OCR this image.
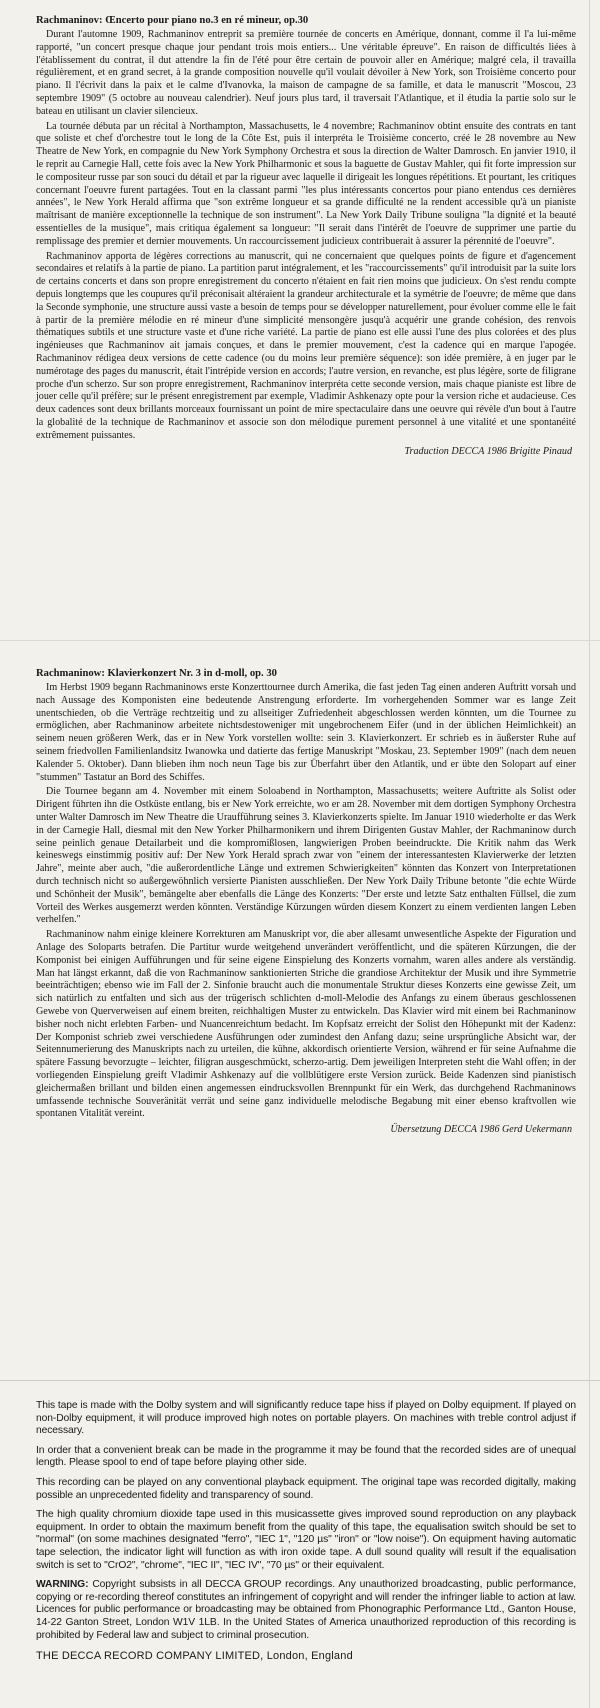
Rachmaninov: Œncerto pour piano no.3 en ré mineur, op.30

Durant l'automne 1909, Rachmaninov entreprit sa première tournée de concerts en Amérique, donnant, comme il l'a lui-même rapporté, "un concert presque chaque jour pendant trois mois entiers... Une véritable épreuve". En raison de difficultés liées à l'établissement du contrat, il dut attendre la fin de l'été pour être certain de pouvoir aller en Amérique; malgré cela, il travailla régulièrement, et en grand secret, à la grande composition nouvelle qu'il voulait dévoiler à New York, son Troisième concerto pour piano. Il l'écrivit dans la paix et le calme d'Ivanovka, la maison de campagne de sa famille, et data le manuscrit "Moscou, 23 septembre 1909" (5 octobre au nouveau calendrier). Neuf jours plus tard, il traversait l'Atlantique, et il étudia la partie solo sur le bateau en utilisant un clavier silencieux.

La tournée débuta par un récital à Northampton, Massachusetts, le 4 novembre; Rachmaninov obtint ensuite des contrats en tant que soliste et chef d'orchestre tout le long de la Côte Est, puis il interpréta le Troisième concerto, créé le 28 novembre au New Theatre de New York, en compagnie du New York Symphony Orchestra et sous la direction de Walter Damrosch. En janvier 1910, il le reprit au Carnegie Hall, cette fois avec la New York Philharmonic et sous la baguette de Gustav Mahler, qui fit forte impression sur le compositeur russe par son souci du détail et par la rigueur avec laquelle il dirigeait les longues répétitions. Et pourtant, les critiques concernant l'oeuvre furent partagées. Tout en la classant parmi "les plus intéressants concertos pour piano entendus ces dernières années", le New York Herald affirma que "son extrême longueur et sa grande difficulté ne la rendent accessible qu'à un pianiste maîtrisant de manière exceptionnelle la technique de son instrument". La New York Daily Tribune souligna "la dignité et la beauté essentielles de la musique", mais critiqua également sa longueur: "Il serait dans l'intérêt de l'oeuvre de supprimer une partie du remplissage des premier et dernier mouvements. Un raccourcissement judicieux contribuerait à assurer la pérennité de l'oeuvre".

Rachmaninov apporta de légères corrections au manuscrit, qui ne concernaient que quelques points de figure et d'agencement secondaires et relatifs à la partie de piano. La partition parut intégralement, et les "raccourcissements" qu'il introduisit par la suite lors de certains concerts et dans son propre enregistrement du concerto n'étaient en fait rien moins que judicieux. On s'est rendu compte depuis longtemps que les coupures qu'il préconisait altéraient la grandeur architecturale et la symétrie de l'oeuvre; de même que dans la Seconde symphonie, une structure aussi vaste a besoin de temps pour se développer naturellement, pour évoluer comme elle le fait à partir de la première mélodie en ré mineur d'une simplicité mensongère jusqu'à acquérir une grande cohésion, des renvois thématiques subtils et une structure vaste et d'une riche variété. La partie de piano est elle aussi l'une des plus colorées et des plus ingénieuses que Rachmaninov ait jamais conçues, et dans le premier mouvement, c'est la cadence qui en marque l'apogée. Rachmaninov rédigea deux versions de cette cadence (ou du moins leur première séquence): son idée première, à en juger par le numérotage des pages du manuscrit, était l'intrépide version en accords; l'autre version, en revanche, est plus légère, sorte de filigrane proche d'un scherzo. Sur son propre enregistrement, Rachmaninov interpréta cette seconde version, mais chaque pianiste est libre de jouer celle qu'il préfère; sur le présent enregistrement par exemple, Vladimir Ashkenazy opte pour la version riche et audacieuse. Ces deux cadences sont deux brillants morceaux fournissant un point de mire spectaculaire dans une oeuvre qui révèle d'un bout à l'autre la globalité de la technique de Rachmaninov et associe son don mélodique purement personnel à une vitalité et une spontanéité extrêmement puissantes.

Traduction DECCA 1986 Brigitte Pinaud
Rachmaninow: Klavierkonzert Nr. 3 in d-moll, op. 30

Im Herbst 1909 begann Rachmaninows erste Konzerttournee durch Amerika, die fast jeden Tag einen anderen Auftritt vorsah und nach Aussage des Komponisten eine bedeutende Anstrengung erforderte. Im vorhergehenden Sommer war es lange Zeit unentschieden, ob die Verträge rechtzeitig und zu allseitiger Zufriedenheit abgeschlossen werden könnten, um die Tournee zu ermöglichen, aber Rachmaninow arbeitete nichtsdestoweniger mit ungebrochenem Eifer (und in der üblichen Heimlichkeit) an seinem neuen größeren Werk, das er in New York vorstellen wollte: sein 3. Klavierkonzert. Er schrieb es in äußerster Ruhe auf seinem friedvollen Familienlandsitz Iwanowka und datierte das fertige Manuskript "Moskau, 23. September 1909" (nach dem neuen Kalender 5. Oktober). Dann blieben ihm noch neun Tage bis zur Überfahrt über den Atlantik, und er übte den Solopart auf einer "stummen" Tastatur an Bord des Schiffes.

Die Tournee begann am 4. November mit einem Soloabend in Northampton, Massachusetts; weitere Auftritte als Solist oder Dirigent führten ihn die Ostküste entlang, bis er New York erreichte, wo er am 28. November mit dem dortigen Symphony Orchestra unter Walter Damrosch im New Theatre die Uraufführung seines 3. Klavierkonzerts spielte. Im Januar 1910 wiederholte er das Werk in der Carnegie Hall, diesmal mit den New Yorker Philharmonikern und ihrem Dirigenten Gustav Mahler, der Rachmaninow durch seine peinlich genaue Detailarbeit und die kompromißlosen, langwierigen Proben beeindruckte. Die Kritik nahm das Werk keineswegs einstimmig positiv auf: Der New York Herald sprach zwar von "einem der interessantesten Klavierwerke der letzten Jahre", meinte aber auch, "die außerordentliche Länge und extremen Schwierigkeiten" könnten das Konzert von Interpretationen durch technisch nicht so außergewöhnlich versierte Pianisten ausschließen. Der New York Daily Tribune betonte "die echte Würde und Schönheit der Musik", bemängelte aber ebenfalls die Länge des Konzerts: "Der erste und letzte Satz enthalten Füllsel, die zum Vorteil des Werkes ausgemerzt werden könnten. Verständige Kürzungen würden diesem Konzert zu einem verdienten langen Leben verhelfen."

Rachmaninow nahm einige kleinere Korrekturen am Manuskript vor, die aber allesamt unwesentliche Aspekte der Figuration und Anlage des Soloparts betrafen. Die Partitur wurde weitgehend unverändert veröffentlicht, und die späteren Kürzungen, die der Komponist bei einigen Aufführungen und für seine eigene Einspielung des Konzerts vornahm, waren alles andere als verständig. Man hat längst erkannt, daß die von Rachmaninow sanktionierten Striche die grandiose Architektur der Musik und ihre Symmetrie beeinträchtigen; ebenso wie im Fall der 2. Sinfonie braucht auch die monumentale Struktur dieses Konzerts eine gewisse Zeit, um sich natürlich zu entfalten und sich aus der trügerisch schlichten d-moll-Melodie des Anfangs zu einem überaus geschlossenen Gewebe von Querverweisen auf einem breiten, reichhaltigen Muster zu entwickeln. Das Klavier wird mit einem bei Rachmaninow bisher noch nicht erlebten Farben- und Nuancenreichtum bedacht. Im Kopfsatz erreicht der Solist den Höhepunkt mit der Kadenz: Der Komponist schrieb zwei verschiedene Ausführungen oder zumindest den Anfang dazu; seine ursprüngliche Absicht war, der Seitennumerierung des Manuskripts nach zu urteilen, die kühne, akkordisch orientierte Version, während er für seine Aufnahme die spätere Fassung bevorzugte – leichter, filigran ausgeschmückt, scherzo-artig. Dem jeweiligen Interpreten steht die Wahl offen; in der vorliegenden Einspielung greift Vladimir Ashkenazy auf die vollblütigere erste Version zurück. Beide Kadenzen sind pianistisch gleichermaßen brillant und bilden einen angemessen eindrucksvollen Brennpunkt für ein Werk, das durchgehend Rachmaninows umfassende technische Souveränität verrät und seine ganz individuelle melodische Begabung mit einer ebenso kraftvollen wie spontanen Vitalität vereint.

Übersetzung DECCA 1986 Gerd Uekermann

This tape is made with the Dolby system and will significantly reduce tape hiss if played on Dolby equipment. If played on non-Dolby equipment, it will produce improved high notes on portable players. On machines with treble control adjust if necessary.

In order that a convenient break can be made in the programme it may be found that the recorded sides are of unequal length. Please spool to end of tape before playing other side.

This recording can be played on any conventional playback equipment. The original tape was recorded digitally, making possible an unprecedented fidelity and transparency of sound.

The high quality chromium dioxide tape used in this musicassette gives improved sound reproduction on any playback equipment. In order to obtain the maximum benefit from the quality of this tape, the equalisation switch should be set to "normal" (on some machines designated "ferro", "IEC 1", "120 µs" "iron" or "low noise"). On equipment having automatic tape selection, the indicator light will function as with iron oxide tape. A dull sound quality will result if the equalisation switch is set to "CrO2", "chrome", "IEC II", "IEC IV", "70 µs" or their equivalent.

WARNING: Copyright subsists in all DECCA GROUP recordings. Any unauthorized broadcasting, public performance, copying or re-recording thereof constitutes an infringement of copyright and will render the infringer liable to action at law. Licences for public performance or broadcasting may be obtained from Phonographic Performance Ltd., Ganton House, 14-22 Ganton Street, London W1V 1LB. In the United States of America unauthorized reproduction of this recording is prohibited by Federal law and subject to criminal prosecution.

THE DECCA RECORD COMPANY LIMITED, London, England
